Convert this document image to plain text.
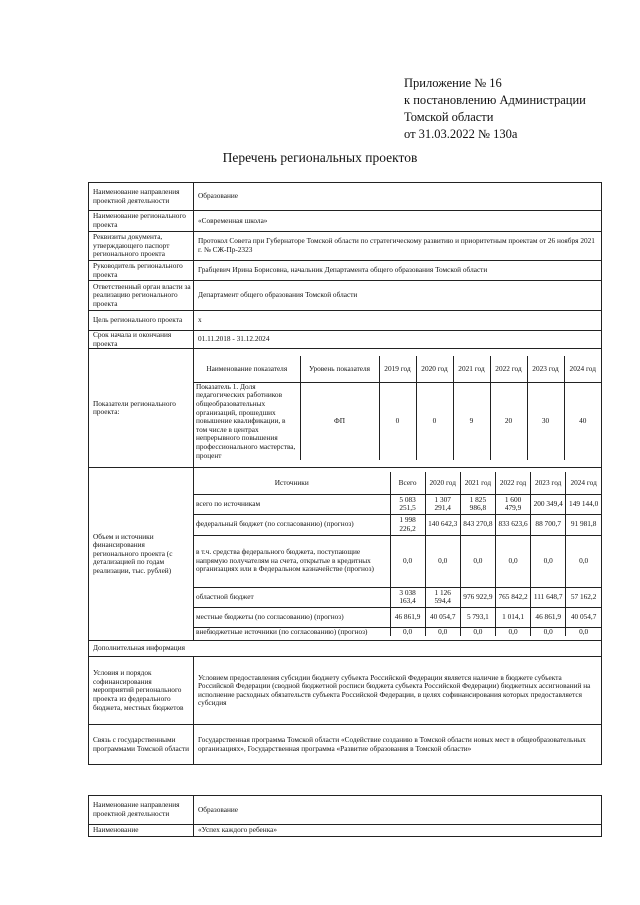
Приложение № 16
к постановлению Администрации
Томской области
от 31.03.2022 № 130а
Перечень региональных проектов
Наименование направления проектной деятельности	Образование
Наименование регионального проекта	«Современная школа»
Реквизиты документа, утверждающего паспорт регионального проекта	Протокол Совета при Губернаторе Томской области по стратегическому развитию и приоритетным проектам от 26 ноября 2021 г. № СЖ-Пр-2323
Руководитель регионального проекта	Грабцевич Ирина Борисовна, начальник Департамента общего образования Томской области
Ответственный орган власти за реализацию регионального проекта	Департамент общего образования Томской области
Цель регионального проекта	х
Срок начала и окончания проекта	01.11.2018 - 31.12.2024
Показатели регионального проекта:	
Наименование показателя	Уровень показателя	2019 год	2020 год	2021 год	2022 год	2023 год	2024 год
Показатель 1. Доля педагогических работников общеобразовательных организаций, прошедших повышение квалификации, в том числе в центрах непрерывного повышения профессионального мастерства, процент	ФП	0	0	9	20	30	40

Объем и источники финансирования регионального проекта (с детализацией по годам реализации, тыс. рублей)	
Источники	Всего	2020 год	2021 год	2022 год	2023 год	2024 год
всего по источникам	5 083 251,5	1 307 291,4	1 825 986,8	1 600 479,9	200 349,4	149 144,0
федеральный бюджет (по согласованию) (прогноз)	1 998 226,2	140 642,3	843 270,8	833 623,6	88 700,7	91 981,8
в т.ч. средства федерального бюджета, поступающие напрямую получателям на счета, открытые в кредитных организациях или в Федеральном казначействе (прогноз)	0,0	0,0	0,0	0,0	0,0	0,0
областной бюджет	3 038 163,4	1 126 594,4	976 922,9	765 842,2	111 648,7	57 162,2
местные бюджеты (по согласованию) (прогноз)	46 861,9	40 054,7	5 793,1	1 014,1	46 861,9	40 054,7
внебюджетные источники (по согласованию) (прогноз)	0,0	0,0	0,0	0,0	0,0	0,0

Дополнительная информация
Условия и порядок софинансирования мероприятий регионального проекта из федерального бюджета, местных бюджетов	Условием предоставления субсидии бюджету субъекта Российской Федерации является наличие в бюджете субъекта Российской Федерации (сводной бюджетной росписи бюджета субъекта Российской Федерации) бюджетных ассигнований на исполнение расходных обязательств субъекта Российской Федерации, в целях софинансирования которых предоставляется субсидия
Связь с государственными программами Томской области	Государственная программа Томской области «Содействие созданию в Томской области новых мест в общеобразовательных организациях», Государственная программа «Развитие образования в Томской области»
Наименование направления проектной деятельности	Образование
Наименование	«Успех каждого ребенка»
